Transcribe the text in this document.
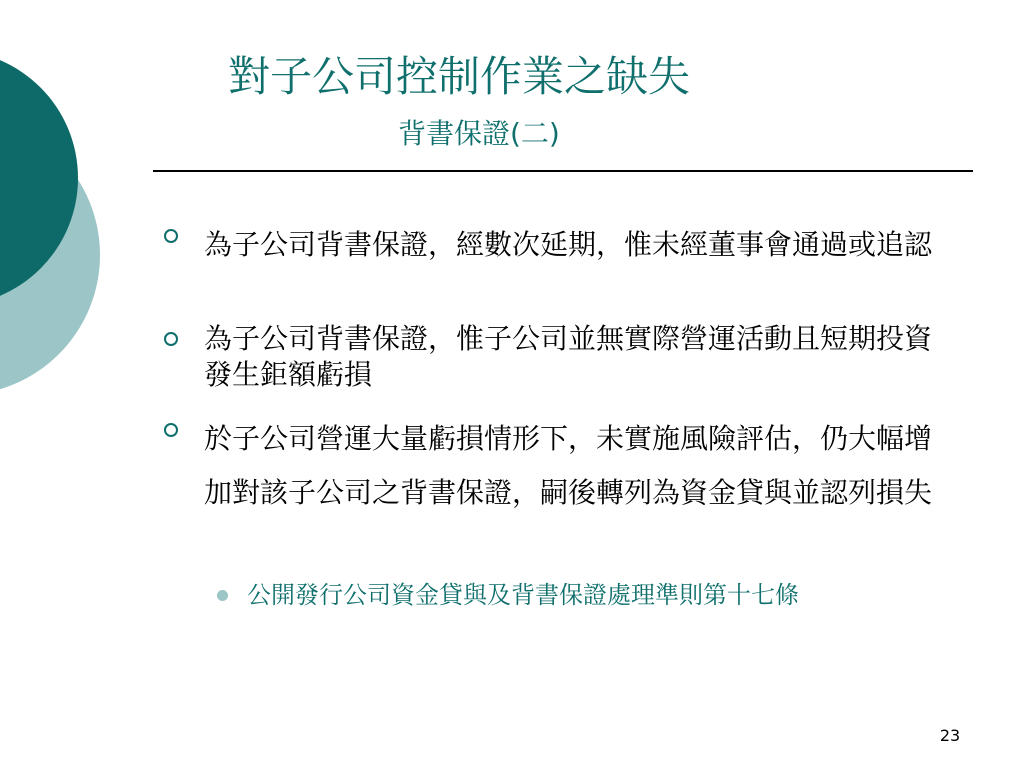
對子公司控制作業之缺失
背書保證(二)
為子公司背書保證，經數次延期，惟未經董事會通過或追認
為子公司背書保證，惟子公司並無實際營運活動且短期投資發生鉅額虧損
於子公司營運大量虧損情形下，未實施風險評估，仍大幅增加對該子公司之背書保證，嗣後轉列為資金貸與並認列損失
公開發行公司資金貸與及背書保證處理準則第十七條
23
